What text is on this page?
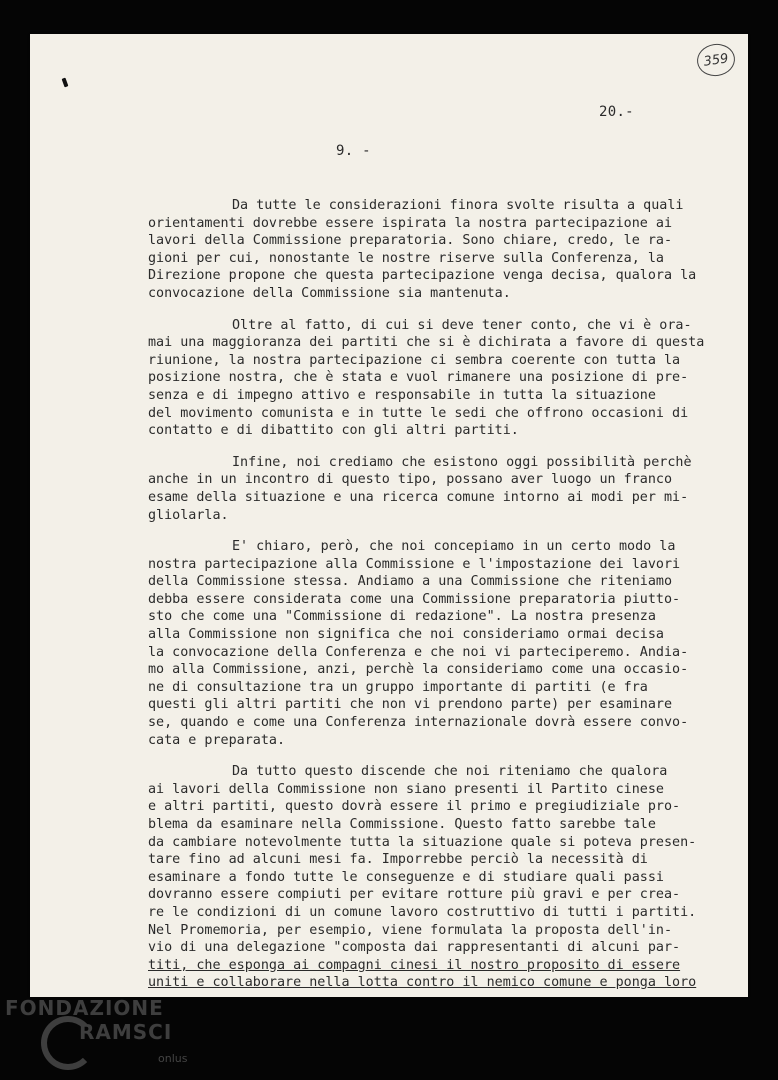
359
20.-
9. -
Da tutte le considerazioni finora svolte risulta a quali
orientamenti dovrebbe essere ispirata la nostra partecipazione ai
lavori della Commissione preparatoria. Sono chiare, credo, le ra-
gioni per cui, nonostante le nostre riserve sulla Conferenza, la
Direzione propone che questa partecipazione venga decisa, qualora la
convocazione della Commissione sia mantenuta.
Oltre al fatto, di cui si deve tener conto, che vi è ora-
mai una maggioranza dei partiti che si è dichirata a favore di questa
riunione, la nostra partecipazione ci sembra coerente con tutta la
posizione nostra, che è stata e vuol rimanere una posizione di pre-
senza e di impegno attivo e responsabile in tutta la situazione
del movimento comunista e in tutte le sedi che offrono occasioni di
contatto e di dibattito con gli altri partiti.
Infine, noi crediamo che esistono oggi possibilità perchè
anche in un incontro di questo tipo, possano aver luogo un franco
esame della situazione e una ricerca comune intorno ai modi per mi-
gliolarla.
E' chiaro, però, che noi concepiamo in un certo modo la
nostra partecipazione alla Commissione e l'impostazione dei lavori
della Commissione stessa. Andiamo a una Commissione che riteniamo
debba essere considerata come una Commissione preparatoria piutto-
sto che come una "Commissione di redazione". La nostra presenza
alla Commissione non significa che noi consideriamo ormai decisa
la convocazione della Conferenza e che noi vi parteciperemo. Andia-
mo alla Commissione, anzi, perchè la consideriamo come una occasio-
ne di consultazione tra un gruppo importante di partiti (e fra
questi gli altri partiti che non vi prendono parte) per esaminare
se, quando e come una Conferenza internazionale dovrà essere convo-
cata e preparata.
Da tutto questo discende che noi riteniamo che qualora
ai lavori della Commissione non siano presenti il Partito cinese
e altri partiti, questo dovrà essere il primo e pregiudiziale pro-
blema da esaminare nella Commissione. Questo fatto sarebbe tale
da cambiare notevolmente tutta la situazione quale si poteva presen-
tare fino ad alcuni mesi fa. Imporrebbe perciò la necessità di
esaminare a fondo tutte le conseguenze e di studiare quali passi
dovranno essere compiuti per evitare rotture più gravi e per crea-
re le condizioni di un comune lavoro costruttivo di tutti i partiti.
Nel Promemoria, per esempio, viene formulata la proposta dell'in-
vio di una delegazione "composta dai rappresentanti di alcuni par-
titi, che esponga ai compagni cinesi il nostro proposito di essere
uniti e collaborare nella lotta contro il nemico comune e ponga loro
FONDAZIONE
RAMSCI
onlus
